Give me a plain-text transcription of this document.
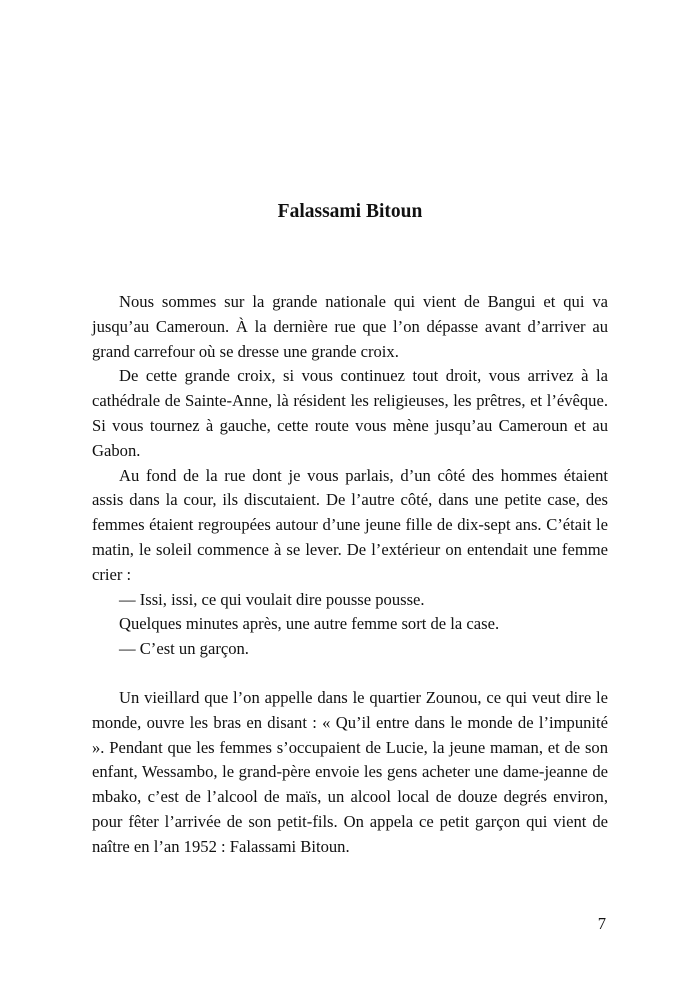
Falassami Bitoun

Nous sommes sur la grande nationale qui vient de Bangui et qui va jusqu’au Cameroun. À la dernière rue que l’on dépasse avant d’arriver au grand carrefour où se dresse une grande croix.

De cette grande croix, si vous continuez tout droit, vous arrivez à la cathédrale de Sainte-Anne, là résident les religieuses, les prêtres, et l’évêque. Si vous tournez à gauche, cette route vous mène jusqu’au Cameroun et au Gabon.

Au fond de la rue dont je vous parlais, d’un côté des hommes étaient assis dans la cour, ils discutaient. De l’autre côté, dans une petite case, des femmes étaient regroupées autour d’une jeune fille de dix-sept ans. C’était le matin, le soleil commence à se lever. De l’extérieur on entendait une femme crier :

— Issi, issi, ce qui voulait dire pousse pousse.

Quelques minutes après, une autre femme sort de la case.

— C’est un garçon.

Un vieillard que l’on appelle dans le quartier Zounou, ce qui veut dire le monde, ouvre les bras en disant : « Qu’il entre dans le monde de l’impunité ». Pendant que les femmes s’occupaient de Lucie, la jeune maman, et de son enfant, Wessambo, le grand-père envoie les gens acheter une dame-jeanne de mbako, c’est de l’alcool de maïs, un alcool local de douze degrés environ, pour fêter l’arrivée de son petit-fils. On appela ce petit garçon qui vient de naître en l’an 1952 : Falassami Bitoun.

7
